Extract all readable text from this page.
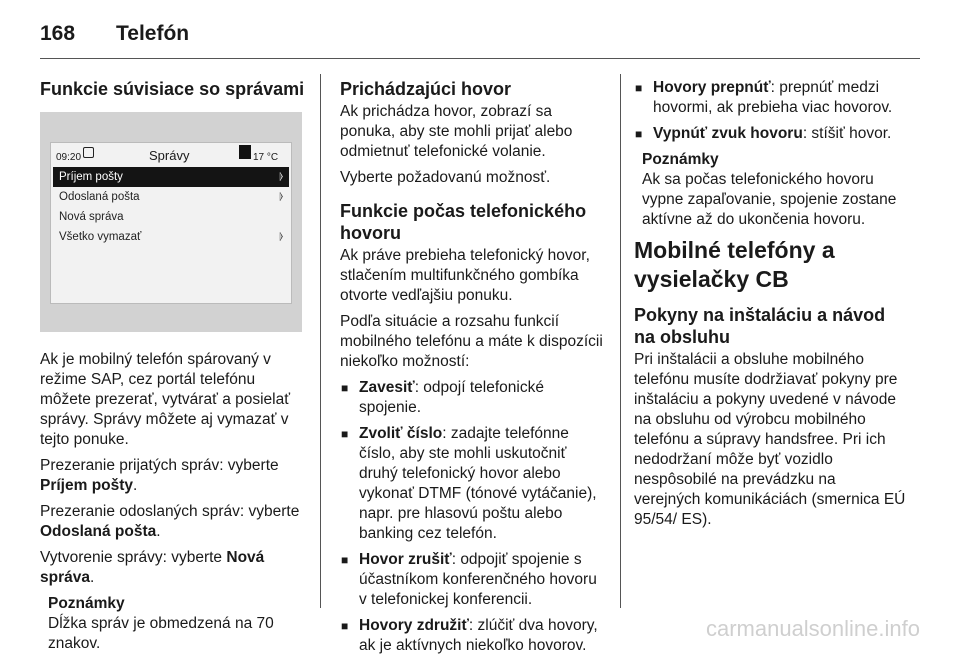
168 Telefón
Funkcie súvisiace so správami
09:20	Správy	17 °C
Príjem pošty	⦊
Odoslaná pošta	⦊
Nová správa
Všetko vymazať	⦊

Ak je mobilný telefón spárovaný v režime SAP, cez portál telefónu môžete prezerať, vytvárať a posielať správy. Správy môžete aj vymazať v tejto ponuke.

Prezeranie prijatých správ: vyberte Príjem pošty.

Prezeranie odoslaných správ: vyberte Odoslaná pošta.

Vytvorenie správy: vyberte Nová správa.

Poznámky
Dĺžka správ je obmedzená na 70 znakov.
Prichádzajúci hovor

Ak prichádza hovor, zobrazí sa ponuka, aby ste mohli prijať alebo odmietnuť telefonické volanie.

Vyberte požadovanú možnosť.

Funkcie počas telefonického hovoru

Ak práve prebieha telefonický hovor, stlačením multifunkčného gombíka otvorte vedľajšiu ponuku.

Podľa situácie a rozsahu funkcií mobilného telefónu a máte k dispozícii niekoľko možností:

■ Zavesiť: odpojí telefonické spojenie.
■ Zvoliť číslo: zadajte telefónne číslo, aby ste mohli uskutočniť druhý telefonický hovor alebo vykonať DTMF (tónové vytáčanie), napr. pre hlasovú poštu alebo banking cez telefón.
■ Hovor zrušiť: odpojiť spojenie s účastníkom konferenčného hovoru v telefonickej konferencii.
■ Hovory združiť: zlúčiť dva hovory, ak je aktívnych niekoľko hovorov.
■ Hovory prepnúť: prepnúť medzi hovormi, ak prebieha viac hovorov.
■ Vypnúť zvuk hovoru: stíšiť hovor.
Poznámky
Ak sa počas telefonického hovoru vypne zapaľovanie, spojenie zostane aktívne až do ukončenia hovoru.
Mobilné telefóny a vysielačky CB
Pokyny na inštaláciu a návod na obsluhu

Pri inštalácii a obsluhe mobilného telefónu musíte dodržiavať pokyny pre inštaláciu a pokyny uvedené v návode na obsluhu od výrobcu mobilného telefónu a súpravy handsfree. Pri ich nedodržaní môže byť vozidlo nespôsobilé na prevádzku na verejných komunikáciách (smernica EÚ 95/54/ ES).

carmanualsonline.info
